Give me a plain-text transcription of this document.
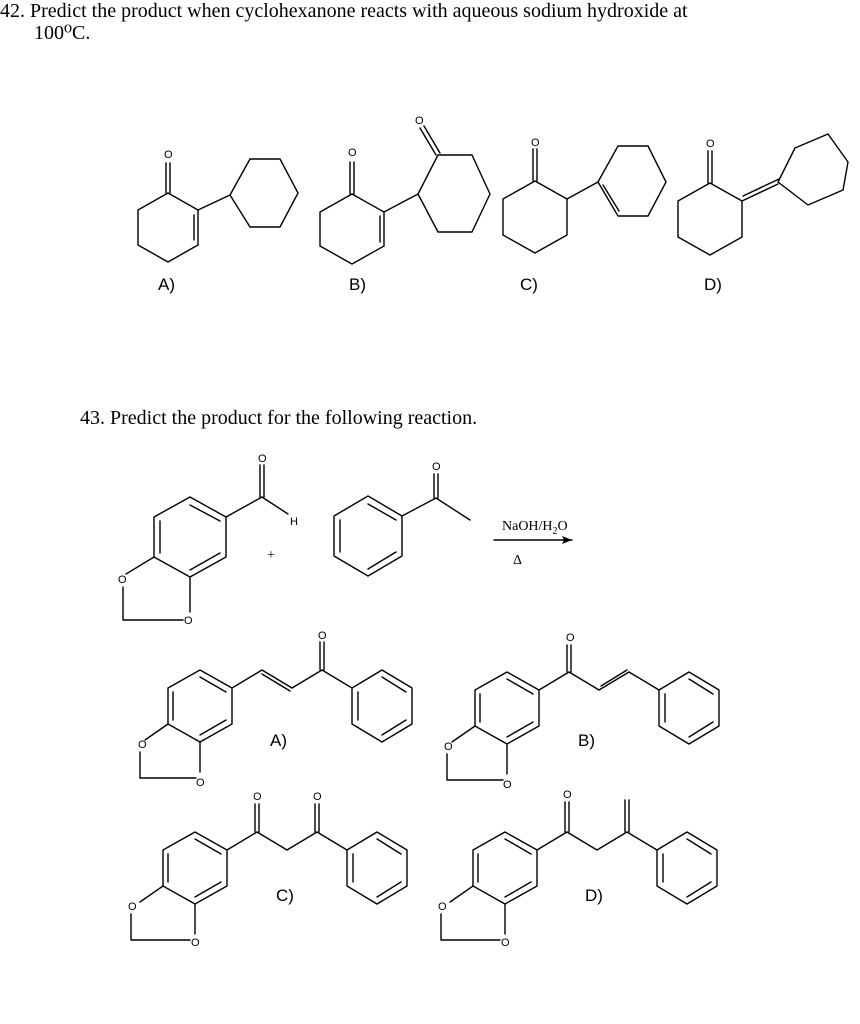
42. Predict the product when cyclohexanone reacts with aqueous sodium hydroxide at
100⁰C.
43. Predict the product for the following reaction.
O
A)
O
O
B)
O
C)
O
D)
O
H
O
O
+
O
NaOH/$H_2O$
Δ
O
O
O
A)	O
O
O
B)
O
O
O	O
C)
O
O
O
D)
